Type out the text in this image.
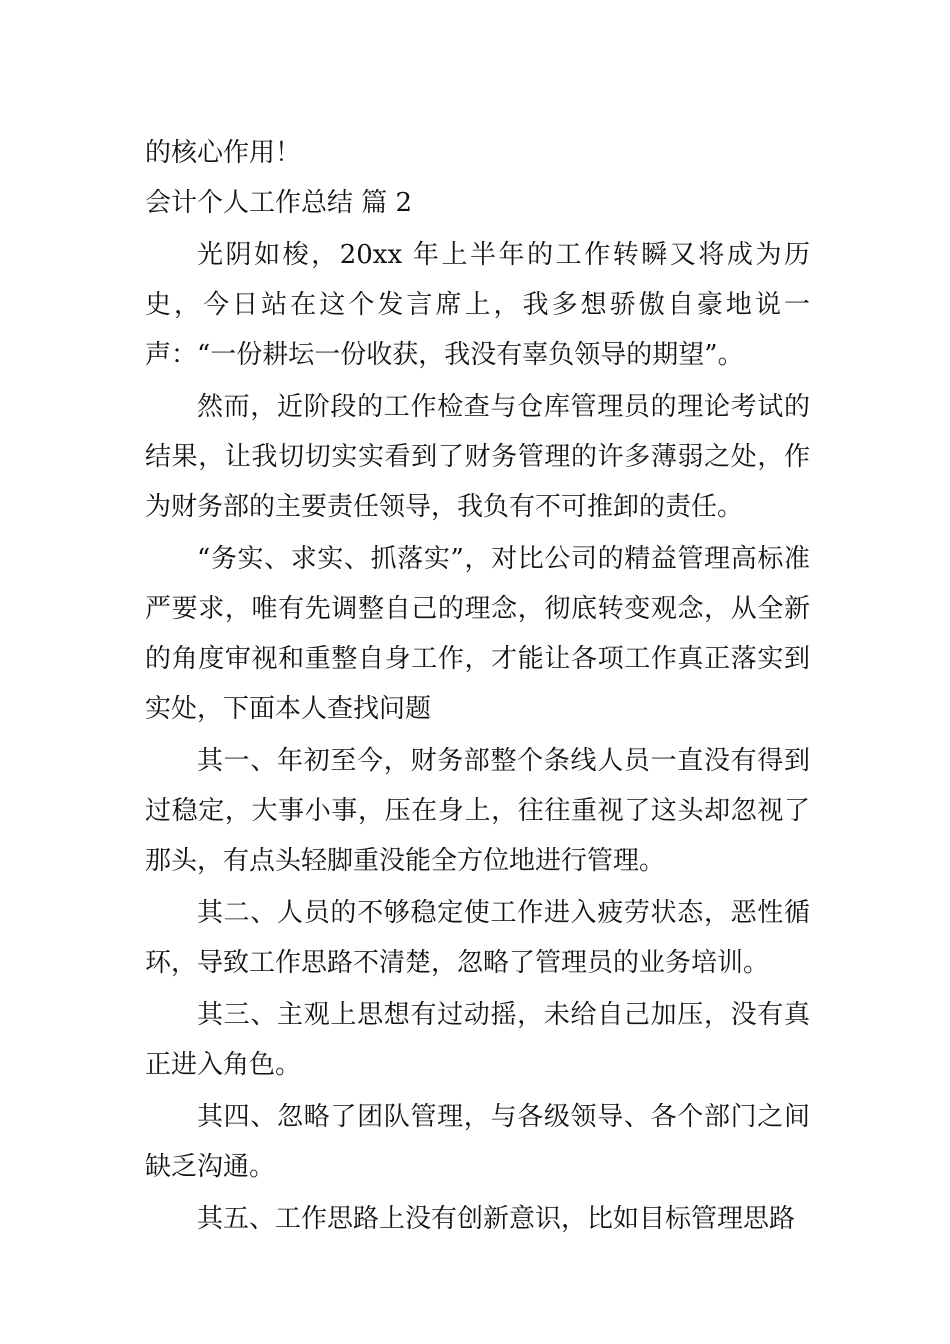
的核心作用！

会计个人工作总结 篇 2

光阴如梭，20xx 年上半年的工作转瞬又将成为历史，今日站在这个发言席上，我多想骄傲自豪地说一声：“一份耕坛一份收获，我没有辜负领导的期望”。

然而，近阶段的工作检查与仓库管理员的理论考试的结果，让我切切实实看到了财务管理的许多薄弱之处，作为财务部的主要责任领导，我负有不可推卸的责任。

“务实、求实、抓落实”，对比公司的精益管理高标准严要求，唯有先调整自己的理念，彻底转变观念，从全新的角度审视和重整自身工作，才能让各项工作真正落实到实处，下面本人查找问题

其一、年初至今，财务部整个条线人员一直没有得到过稳定，大事小事，压在身上，往往重视了这头却忽视了那头，有点头轻脚重没能全方位地进行管理。

其二、人员的不够稳定使工作进入疲劳状态，恶性循环，导致工作思路不清楚，忽略了管理员的业务培训。

其三、主观上思想有过动摇，未给自己加压，没有真正进入角色。

其四、忽略了团队管理，与各级领导、各个部门之间缺乏沟通。

其五、工作思路上没有创新意识，比如目标管理思路
